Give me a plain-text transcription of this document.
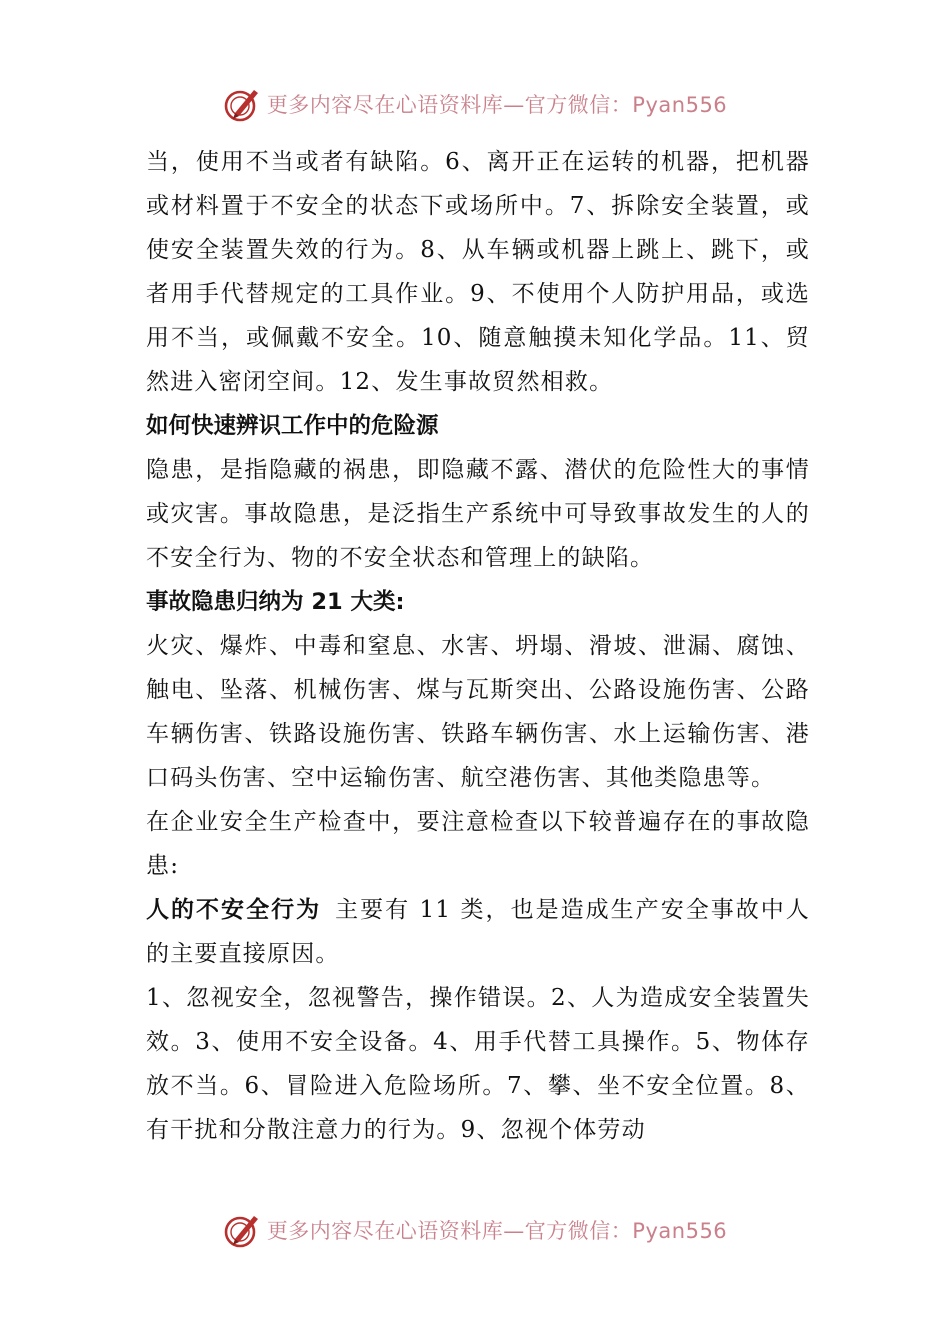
更多内容尽在心语资料库—官方微信：Pyan556

当，使用不当或者有缺陷。6、离开正在运转的机器，把机器或材料置于不安全的状态下或场所中。7、拆除安全装置，或使安全装置失效的行为。8、从车辆或机器上跳上、跳下，或者用手代替规定的工具作业。9、不使用个人防护用品，或选用不当，或佩戴不安全。10、随意触摸未知化学品。11、贸然进入密闭空间。12、发生事故贸然相救。

如何快速辨识工作中的危险源

隐患，是指隐藏的祸患，即隐藏不露、潜伏的危险性大的事情或灾害。事故隐患，是泛指生产系统中可导致事故发生的人的不安全行为、物的不安全状态和管理上的缺陷。

事故隐患归纳为 21 大类:

火灾、爆炸、中毒和窒息、水害、坍塌、滑坡、泄漏、腐蚀、触电、坠落、机械伤害、煤与瓦斯突出、公路设施伤害、公路车辆伤害、铁路设施伤害、铁路车辆伤害、水上运输伤害、港口码头伤害、空中运输伤害、航空港伤害、其他类隐患等。

在企业安全生产检查中，要注意检查以下较普遍存在的事故隐患:

人的不安全行为 主要有 11 类，也是造成生产安全事故中人的主要直接原因。

1、忽视安全，忽视警告，操作错误。2、人为造成安全装置失效。3、使用不安全设备。4、用手代替工具操作。5、物体存放不当。6、冒险进入危险场所。7、攀、坐不安全位置。8、有干扰和分散注意力的行为。9、忽视个体劳动

更多内容尽在心语资料库—官方微信：Pyan556
